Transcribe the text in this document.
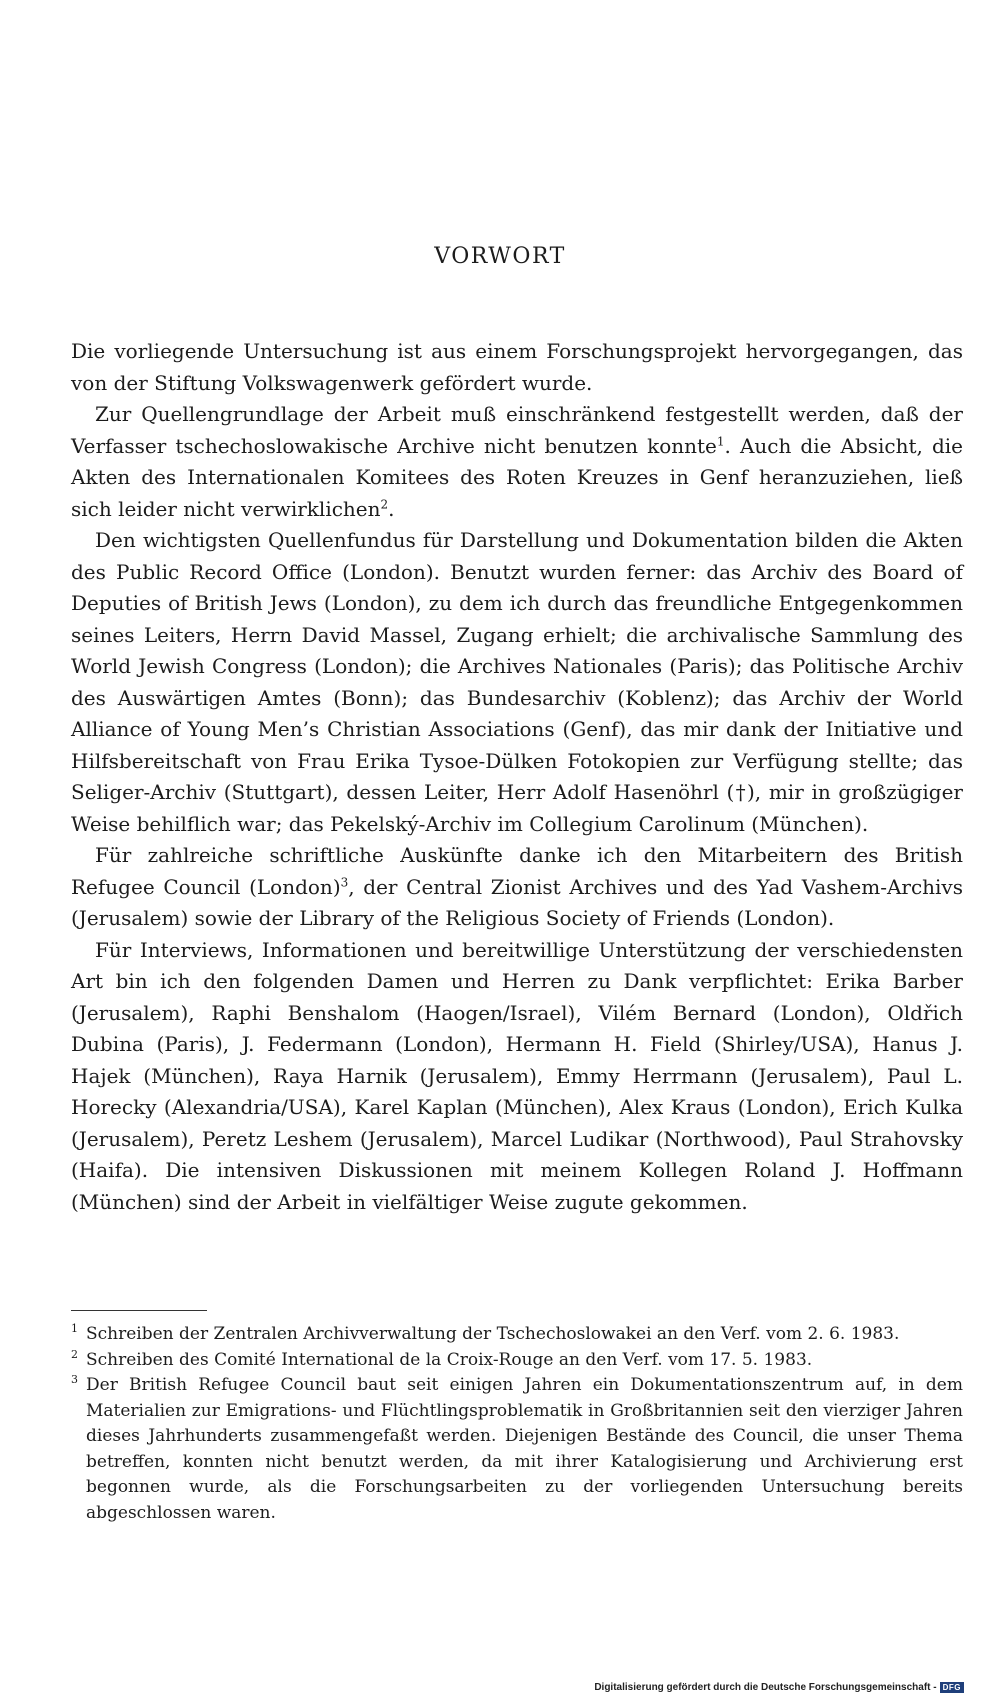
VORWORT

Die vorliegende Untersuchung ist aus einem Forschungsprojekt hervorgegangen, das von der Stiftung Volkswagenwerk gefördert wurde.

Zur Quellengrundlage der Arbeit muß einschränkend festgestellt werden, daß der Verfasser tschechoslowakische Archive nicht benutzen konnte$^1$. Auch die Absicht, die Akten des Internationalen Komitees des Roten Kreuzes in Genf heranzuziehen, ließ sich leider nicht verwirklichen$^2$.

Den wichtigsten Quellenfundus für Darstellung und Dokumentation bilden die Akten des Public Record Office (London). Benutzt wurden ferner: das Archiv des Board of Deputies of British Jews (London), zu dem ich durch das freundliche Entgegenkommen seines Leiters, Herrn David Massel, Zugang erhielt; die archivalische Sammlung des World Jewish Congress (London); die Archives Nationales (Paris); das Politische Archiv des Auswärtigen Amtes (Bonn); das Bundesarchiv (Koblenz); das Archiv der World Alliance of Young Men’s Christian Associations (Genf), das mir dank der Initiative und Hilfsbereitschaft von Frau Erika Tysoe-Dülken Fotokopien zur Verfügung stellte; das Seliger-Archiv (Stuttgart), dessen Leiter, Herr Adolf Hasenöhrl (†), mir in großzügiger Weise behilflich war; das Pekelský-Archiv im Collegium Carolinum (München).

Für zahlreiche schriftliche Auskünfte danke ich den Mitarbeitern des British Refugee Council (London)$^3$, der Central Zionist Archives und des Yad Vashem-Archivs (Jerusalem) sowie der Library of the Religious Society of Friends (London).

Für Interviews, Informationen und bereitwillige Unterstützung der verschiedensten Art bin ich den folgenden Damen und Herren zu Dank verpflichtet: Erika Barber (Jerusalem), Raphi Benshalom (Haogen/Israel), Vilém Bernard (London), Oldřich Dubina (Paris), J. Federmann (London), Hermann H. Field (Shirley/USA), Hanus J. Hajek (München), Raya Harnik (Jerusalem), Emmy Herrmann (Jerusalem), Paul L. Horecky (Alexandria/USA), Karel Kaplan (München), Alex Kraus (London), Erich Kulka (Jerusalem), Peretz Leshem (Jerusalem), Marcel Ludikar (Northwood), Paul Strahovsky (Haifa). Die intensiven Diskussionen mit meinem Kollegen Roland J. Hoffmann (München) sind der Arbeit in vielfältiger Weise zugute gekommen.

1 Schreiben der Zentralen Archivverwaltung der Tschechoslowakei an den Verf. vom 2. 6. 1983.

2 Schreiben des Comité International de la Croix-Rouge an den Verf. vom 17. 5. 1983.

3 Der British Refugee Council baut seit einigen Jahren ein Dokumentationszentrum auf, in dem Materialien zur Emigrations- und Flüchtlingsproblematik in Großbritannien seit den vierziger Jahren dieses Jahrhunderts zusammengefaßt werden. Diejenigen Bestände des Council, die unser Thema betreffen, konnten nicht benutzt werden, da mit ihrer Katalogisierung und Archivierung erst begonnen wurde, als die Forschungsarbeiten zu der vorliegenden Untersuchung bereits abgeschlossen waren.

Digitalisierung gefördert durch die Deutsche Forschungsgemeinschaft - DFG
